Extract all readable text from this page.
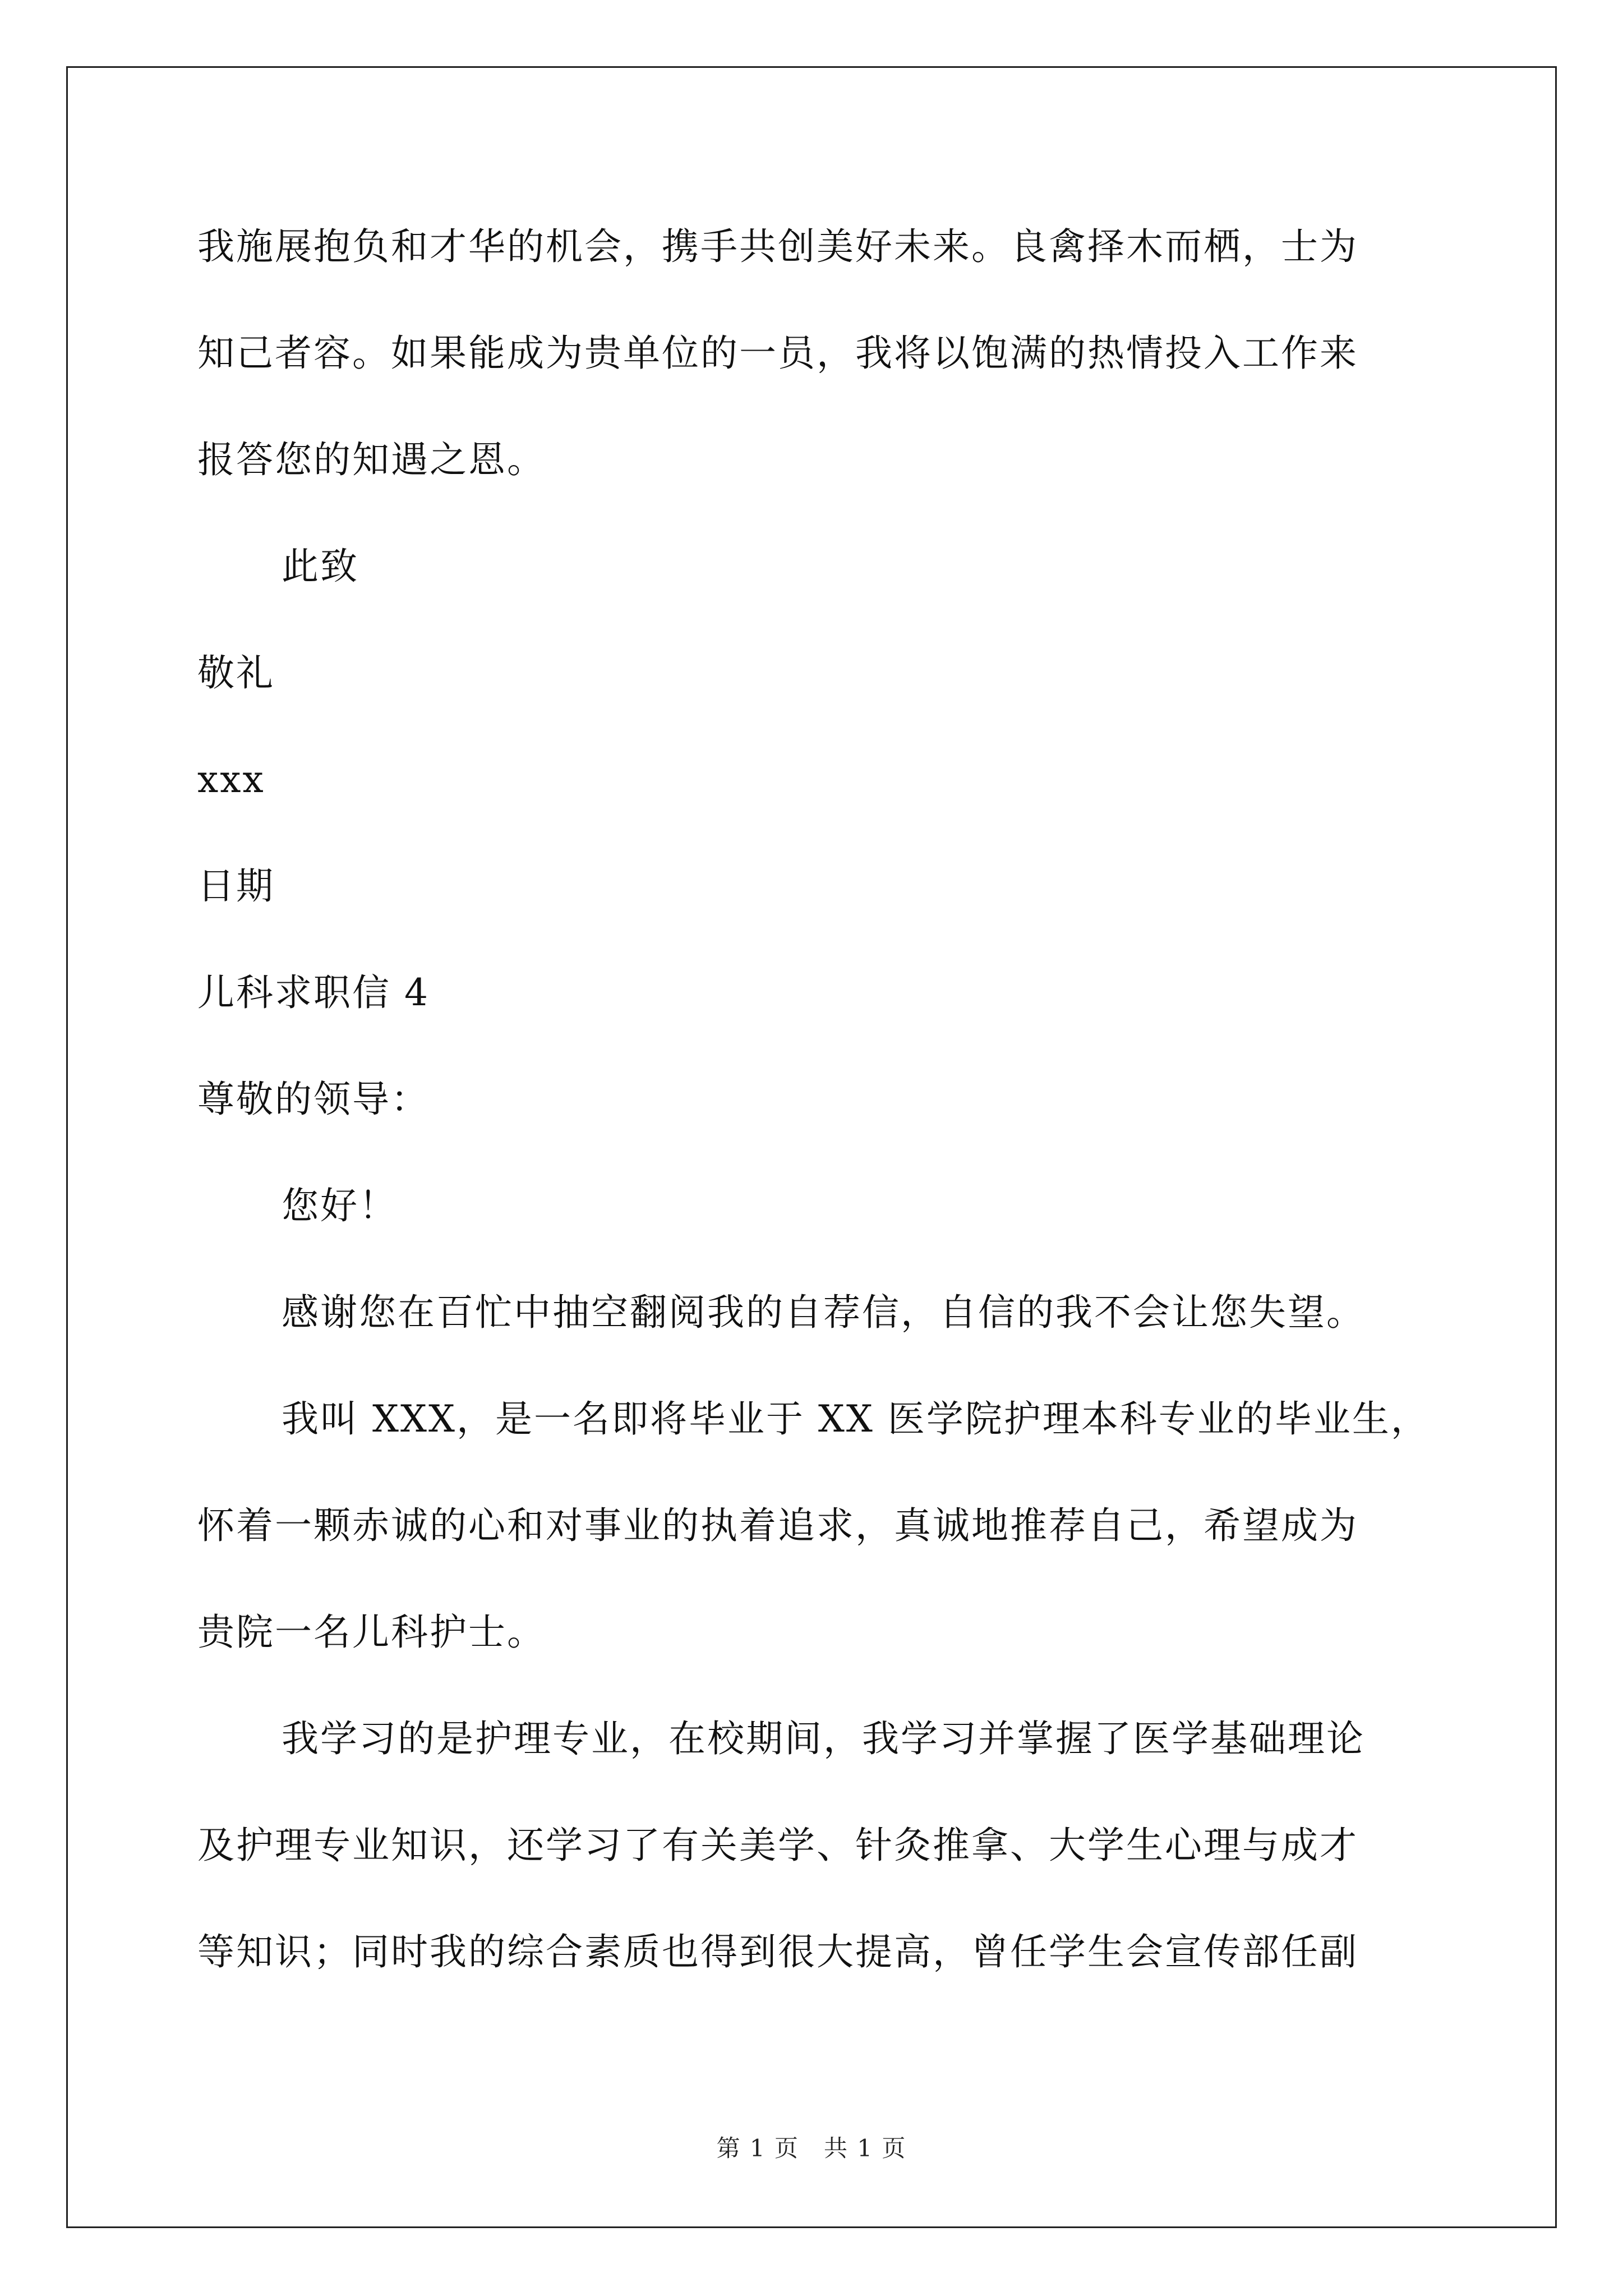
我施展抱负和才华的机会，携手共创美好未来。良禽择木而栖，士为
知己者容。如果能成为贵单位的一员，我将以饱满的热情投入工作来
报答您的知遇之恩。
此致
敬礼
xxx
日期
儿科求职信 4
尊敬的领导：
您好！
感谢您在百忙中抽空翻阅我的自荐信，自信的我不会让您失望。
我叫 XXX，是一名即将毕业于 XX 医学院护理本科专业的毕业生，
怀着一颗赤诚的心和对事业的执着追求，真诚地推荐自己，希望成为
贵院一名儿科护士。
我学习的是护理专业，在校期间，我学习并掌握了医学基础理论
及护理专业知识，还学习了有关美学、针灸推拿、大学生心理与成才
等知识；同时我的综合素质也得到很大提高，曾任学生会宣传部任副
第 1 页　共 1 页
